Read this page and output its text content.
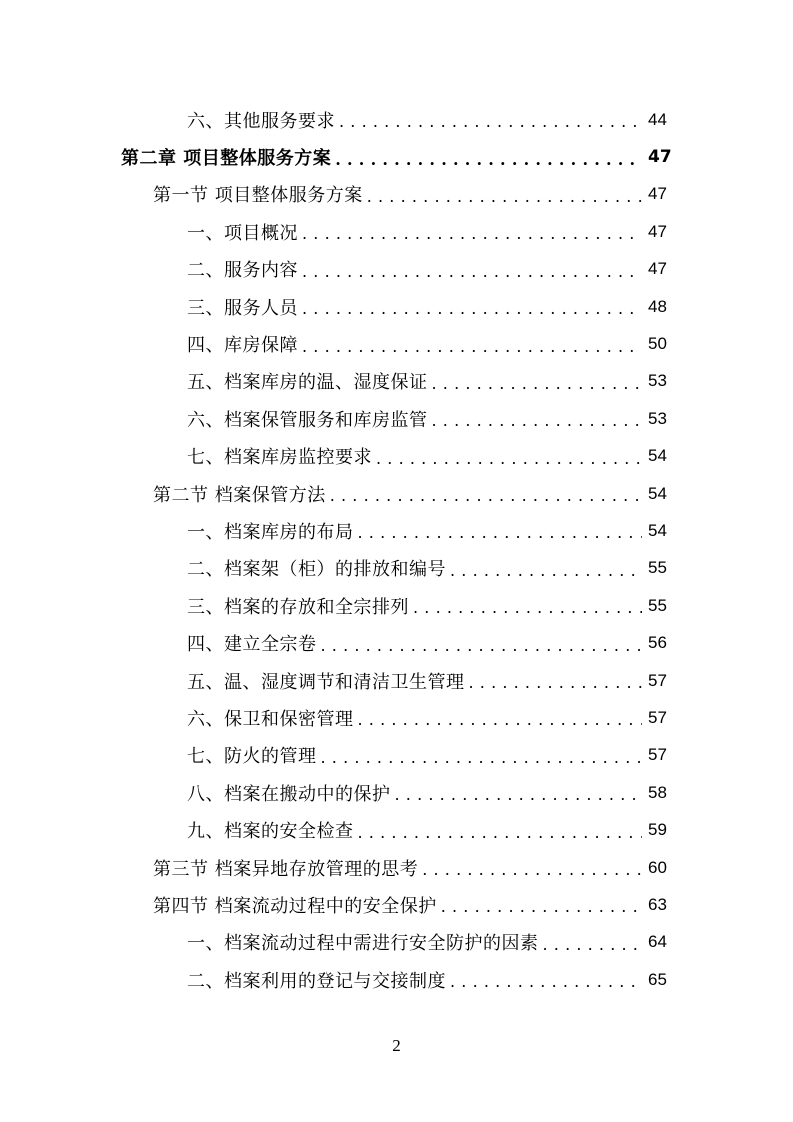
六、其他服务要求 .....	44
第二章 项目整体服务方案 .....	47
第一节 项目整体服务方案 .....	47
一、项目概况 .....	47
二、服务内容 .....	47
三、服务人员 .....	48
四、库房保障 .....	50
五、档案库房的温、湿度保证 .....	53
六、档案保管服务和库房监管 .....	53
七、档案库房监控要求 .....	54
第二节 档案保管方法 .....	54
一、档案库房的布局 .....	54
二、档案架（柜）的排放和编号 .....	55
三、档案的存放和全宗排列 .....	55
四、建立全宗卷 .....	56
五、温、湿度调节和清洁卫生管理 .....	57
六、保卫和保密管理 .....	57
七、防火的管理 .....	57
八、档案在搬动中的保护 .....	58
九、档案的安全检查 .....	59
第三节 档案异地存放管理的思考 .....	60
第四节 档案流动过程中的安全保护 .....	63
一、档案流动过程中需进行安全防护的因素 .....	64
二、档案利用的登记与交接制度 .....	65
2
